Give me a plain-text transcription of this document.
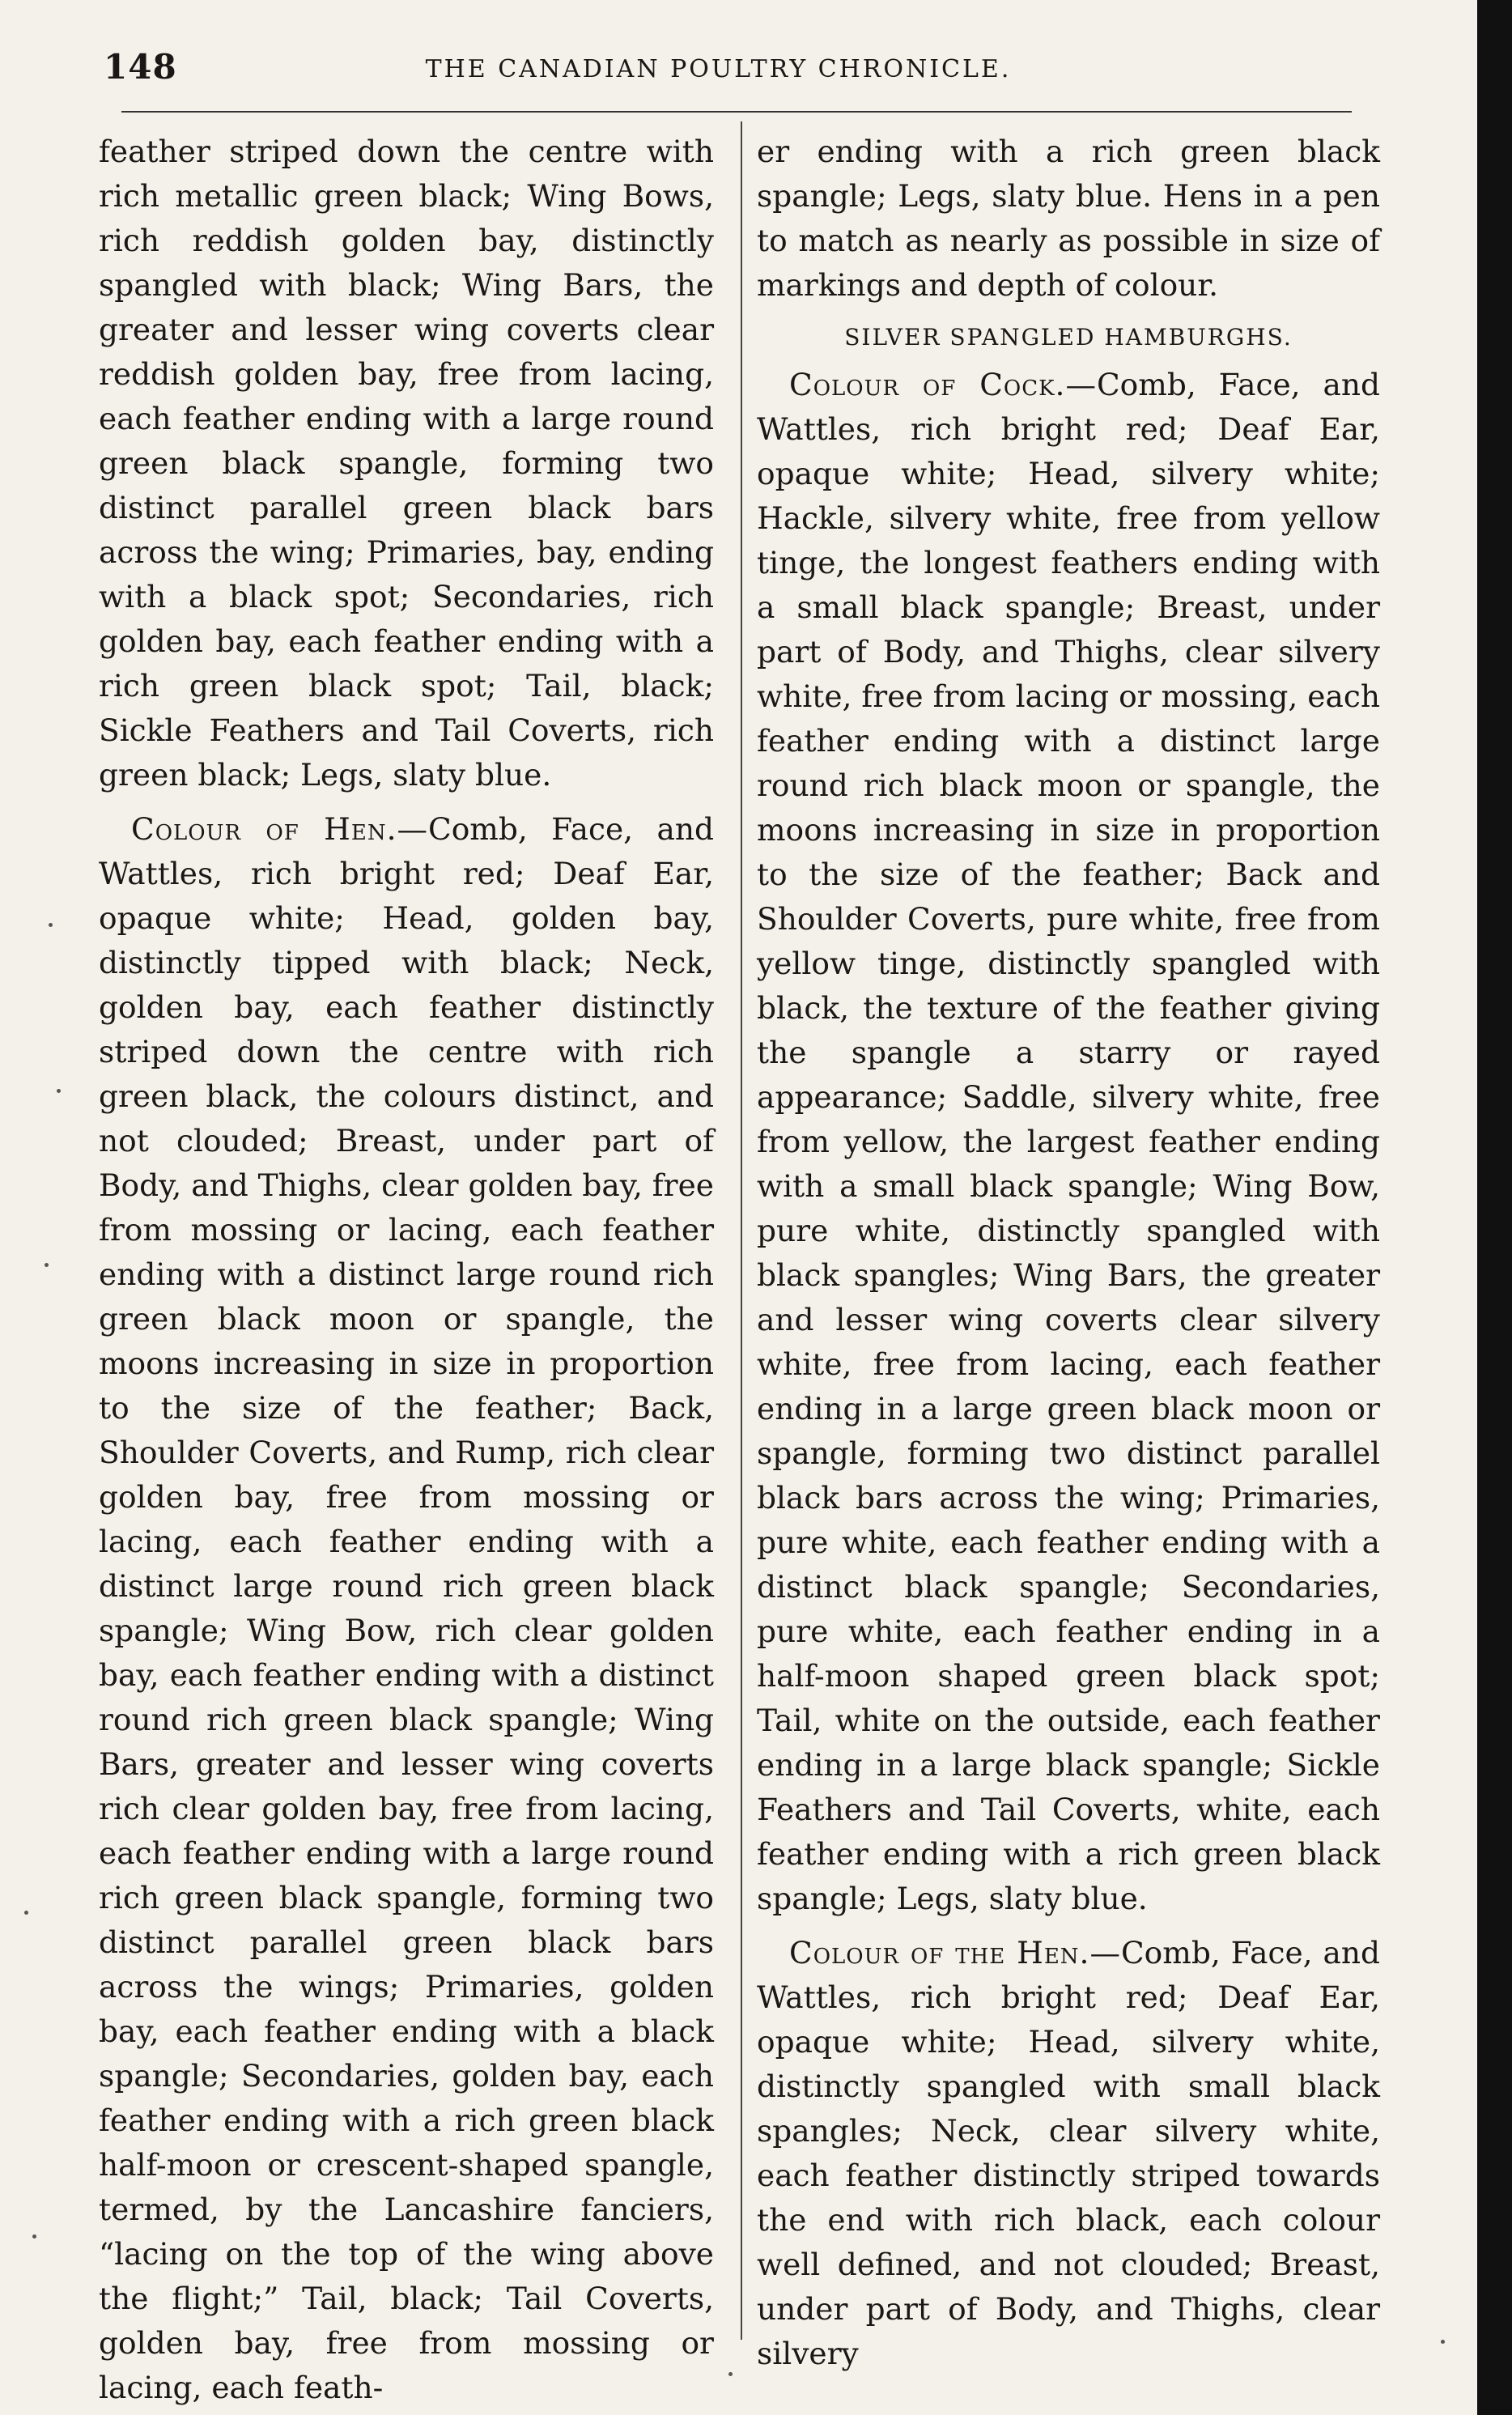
148	THE CANADIAN POULTRY CHRONICLE.

feather striped down the centre with rich metallic green black; Wing Bows, rich reddish golden bay, distinctly spangled with black; Wing Bars, the greater and lesser wing coverts clear reddish golden bay, free from lacing, each feather ending with a large round green black spangle, forming two distinct parallel green black bars across the wing; Primaries, bay, ending with a black spot; Secondaries, rich golden bay, each feather ending with a rich green black spot; Tail, black; Sickle Feathers and Tail Coverts, rich green black; Legs, slaty blue.

Colour of Hen.—Comb, Face, and Wattles, rich bright red; Deaf Ear, opaque white; Head, golden bay, distinctly tipped with black; Neck, golden bay, each feather distinctly striped down the centre with rich green black, the colours distinct, and not clouded; Breast, under part of Body, and Thighs, clear golden bay, free from mossing or lacing, each feather ending with a distinct large round rich green black moon or spangle, the moons increasing in size in proportion to the size of the feather; Back, Shoulder Coverts, and Rump, rich clear golden bay, free from mossing or lacing, each feather ending with a distinct large round rich green black spangle; Wing Bow, rich clear golden bay, each feather ending with a distinct round rich green black spangle; Wing Bars, greater and lesser wing coverts rich clear golden bay, free from lacing, each feather ending with a large round rich green black spangle, forming two distinct parallel green black bars across the wings; Primaries, golden bay, each feather ending with a black spangle; Secondaries, golden bay, each feather ending with a rich green black half-moon or crescent-shaped spangle, termed, by the Lancashire fanciers, “lacing on the top of the wing above the flight;” Tail, black; Tail Coverts, golden bay, free from mossing or lacing, each feath-

er ending with a rich green black spangle; Legs, slaty blue. Hens in a pen to match as nearly as possible in size of markings and depth of colour.

SILVER SPANGLED HAMBURGHS.

Colour of Cock.—Comb, Face, and Wattles, rich bright red; Deaf Ear, opaque white; Head, silvery white; Hackle, silvery white, free from yellow tinge, the longest feathers ending with a small black spangle; Breast, under part of Body, and Thighs, clear silvery white, free from lacing or mossing, each feather ending with a distinct large round rich black moon or spangle, the moons increasing in size in proportion to the size of the feather; Back and Shoulder Coverts, pure white, free from yellow tinge, distinctly spangled with black, the texture of the feather giving the spangle a starry or rayed appearance; Saddle, silvery white, free from yellow, the largest feather ending with a small black spangle; Wing Bow, pure white, distinctly spangled with black spangles; Wing Bars, the greater and lesser wing coverts clear silvery white, free from lacing, each feather ending in a large green black moon or spangle, forming two distinct parallel black bars across the wing; Primaries, pure white, each feather ending with a distinct black spangle; Secondaries, pure white, each feather ending in a half-moon shaped green black spot; Tail, white on the outside, each feather ending in a large black spangle; Sickle Feathers and Tail Coverts, white, each feather ending with a rich green black spangle; Legs, slaty blue.

Colour of the Hen.—Comb, Face, and Wattles, rich bright red; Deaf Ear, opaque white; Head, silvery white, distinctly spangled with small black spangles; Neck, clear silvery white, each feather distinctly striped towards the end with rich black, each colour well defined, and not clouded; Breast, under part of Body, and Thighs, clear silvery
